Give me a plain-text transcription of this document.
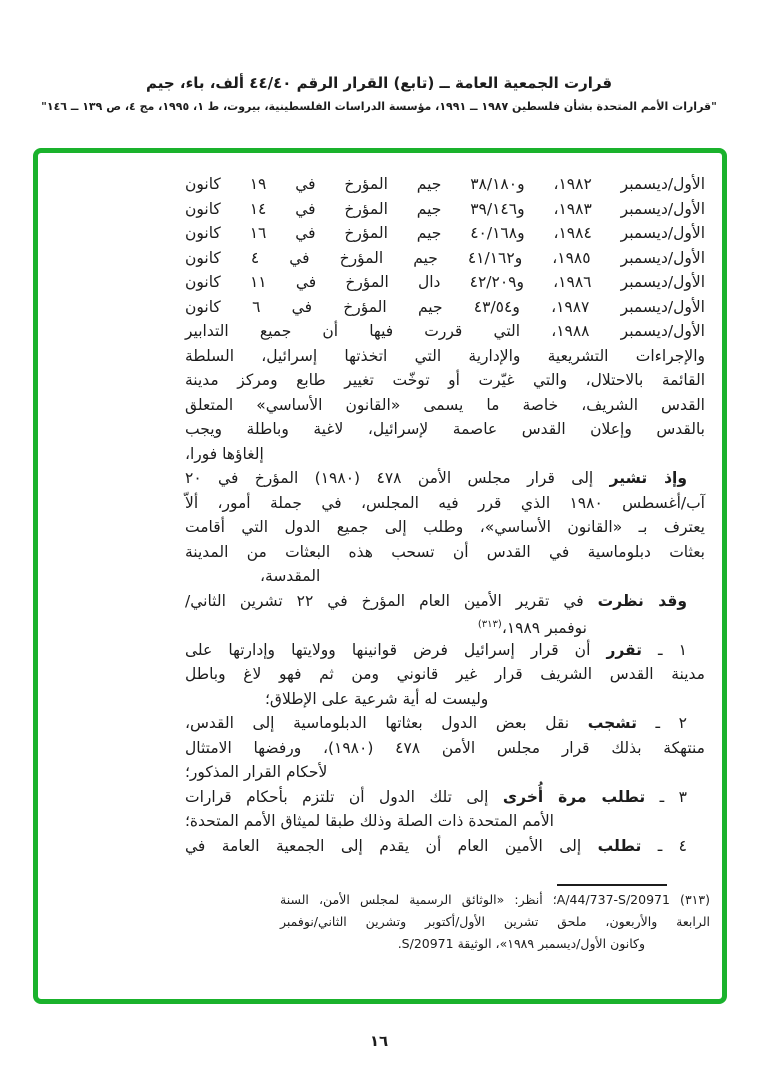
قرارت الجمعية العامة ــ (تابع) القرار الرقم ٤٤/٤٠ ألف، باء، جيم
"قرارات الأمم المتحدة بشأن فلسطين ١٩٨٧ ــ ١٩٩١، مؤسسة الدراسات الفلسطينية، بيروت، ط ١، ١٩٩٥، مج ٤، ص ١٣٩ ــ ١٤٦"
الأول/ديسمبر ١٩٨٢، و٣٨/١٨٠ جيم المؤرخ في ١٩ كانون
الأول/ديسمبر ١٩٨٣، و٣٩/١٤٦ جيم المؤرخ في ١٤ كانون
الأول/ديسمبر ١٩٨٤، و٤٠/١٦٨ جيم المؤرخ في ١٦ كانون
الأول/ديسمبر ١٩٨٥، و٤١/١٦٢ جيم المؤرخ في ٤ كانون
الأول/ديسمبر ١٩٨٦، و٤٢/٢٠٩ دال المؤرخ في ١١ كانون
الأول/ديسمبر ١٩٨٧، و٤٣/٥٤ جيم المؤرخ في ٦ كانون
الأول/ديسمبر ١٩٨٨، التي قررت فيها أن جميع التدابير
والإجراءات التشريعية والإدارية التي اتخذتها إسرائيل، السلطة
القائمة بالاحتلال، والتي غيّرت أو توخّت تغيير طابع ومركز مدينة
القدس الشريف، خاصة ما يسمى «القانون الأساسي» المتعلق
بالقدس وإعلان القدس عاصمة لإسرائيل، لاغية وباطلة ويجب
إلغاؤها فورا،
وإذ تشير إلى قرار مجلس الأمن ٤٧٨ (١٩٨٠) المؤرخ في ٢٠
آب/أغسطس ١٩٨٠ الذي قرر فيه المجلس، في جملة أمور، ألاّ
يعترف بـ «القانون الأساسي»، وطلب إلى جميع الدول التي أقامت
بعثات دبلوماسية في القدس أن تسحب هذه البعثات من المدينة
المقدسة،
وقد نظرت في تقرير الأمين العام المؤرخ في ٢٢ تشرين الثاني/
نوفمبر ١٩٨٩،$^{(٣١٣)}$
١ ـ تقرر أن قرار إسرائيل فرض قوانينها وولايتها وإدارتها على
مدينة القدس الشريف قرار غير قانوني ومن ثم فهو لاغ وباطل
وليست له أية شرعية على الإطلاق؛
٢ ـ تشجب نقل بعض الدول بعثاتها الدبلوماسية إلى القدس،
منتهكة بذلك قرار مجلس الأمن ٤٧٨ (١٩٨٠)، ورفضها الامتثال
لأحكام القرار المذكور؛
٣ ـ تطلب مرة أُخرى إلى تلك الدول أن تلتزم بأحكام قرارات
الأمم المتحدة ذات الصلة وذلك طبقا لميثاق الأمم المتحدة؛
٤ ـ تطلب إلى الأمين العام أن يقدم إلى الجمعية العامة في
(٣١٣) A/44/737-S/20971؛ أنظر: «الوثائق الرسمية لمجلس الأمن، السنة
الرابعة والأربعون، ملحق تشرين الأول/أكتوبر وتشرين الثاني/نوفمبر
وكانون الأول/ديسمبر ١٩٨٩»، الوثيقة S/20971.
١٦
